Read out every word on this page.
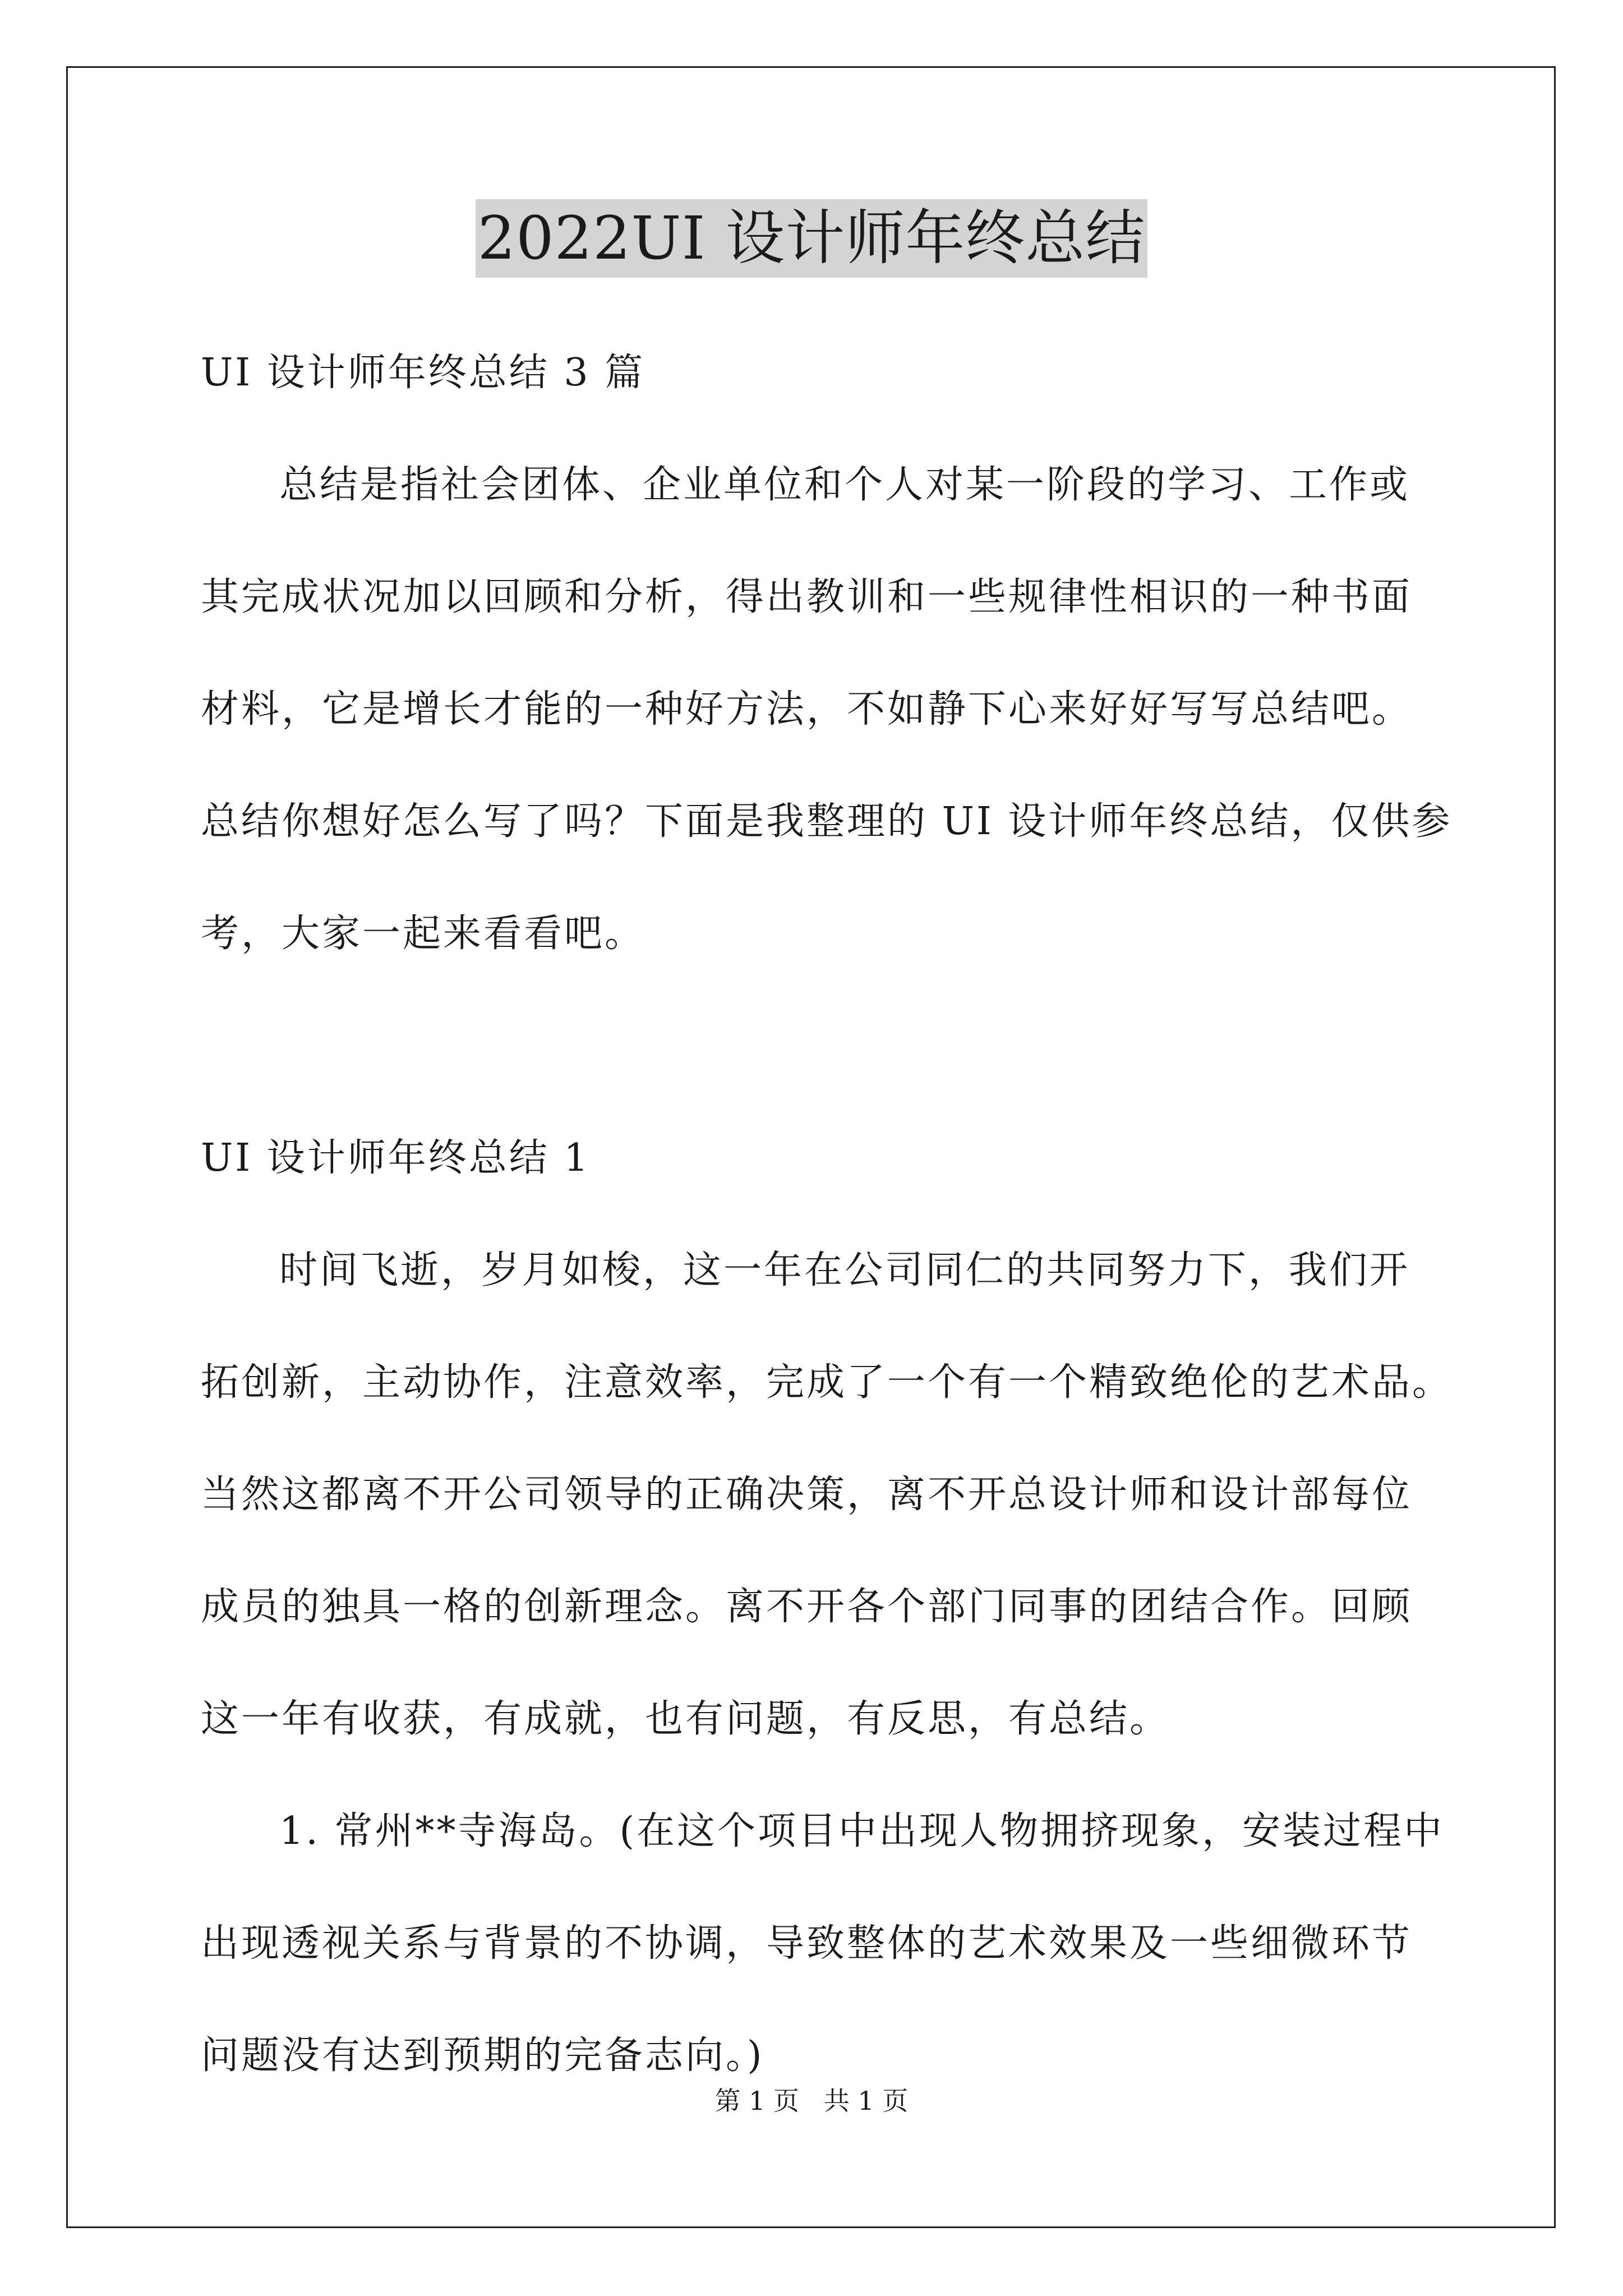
2022UI 设计师年终总结
UI 设计师年终总结 3 篇
总结是指社会团体、企业单位和个人对某一阶段的学习、工作或
其完成状况加以回顾和分析，得出教训和一些规律性相识的一种书面
材料，它是增长才能的一种好方法，不如静下心来好好写写总结吧。
总结你想好怎么写了吗？下面是我整理的 UI 设计师年终总结，仅供参
考，大家一起来看看吧。
UI 设计师年终总结 1
时间飞逝，岁月如梭，这一年在公司同仁的共同努力下，我们开
拓创新，主动协作，注意效率，完成了一个有一个精致绝伦的艺术品。
当然这都离不开公司领导的正确决策，离不开总设计师和设计部每位
成员的独具一格的创新理念。离不开各个部门同事的团结合作。回顾
这一年有收获，有成就，也有问题，有反思，有总结。
1. 常州**寺海岛。(在这个项目中出现人物拥挤现象，安装过程中
出现透视关系与背景的不协调，导致整体的艺术效果及一些细微环节
问题没有达到预期的完备志向。)
第 1 页   共 1 页
